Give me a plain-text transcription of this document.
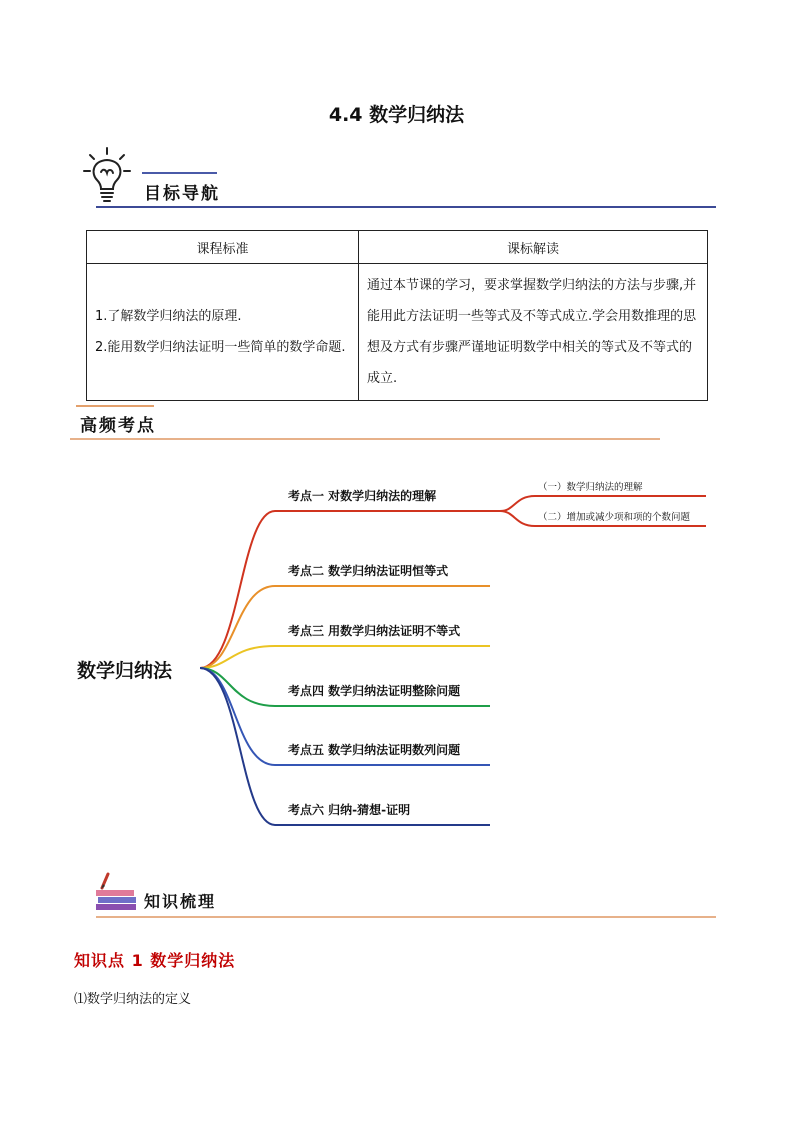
4.4 数学归纳法
目标导航
课程标准	课标解读

1.了解数学归纳法的原理.
2.能用数学归纳法证明一些简单的数学命题.	通过本节课的学习，要求掌握数学归纳法的方法与步骤,并能用此方法证明一些等式及不等式成立.学会用数推理的思想及方式有步骤严谨地证明数学中相关的等式及不等式的成立.
高频考点
数学归纳法
考点一 对数学归纳法的理解
考点二 数学归纳法证明恒等式
考点三 用数学归纳法证明不等式
考点四 数学归纳法证明整除问题
考点五 数学归纳法证明数列问题
考点六 归纳-猜想-证明
（一）数学归纳法的理解
（二）增加或减少项和项的个数问题
知识梳理
知识点 1 数学归纳法
⑴数学归纳法的定义
